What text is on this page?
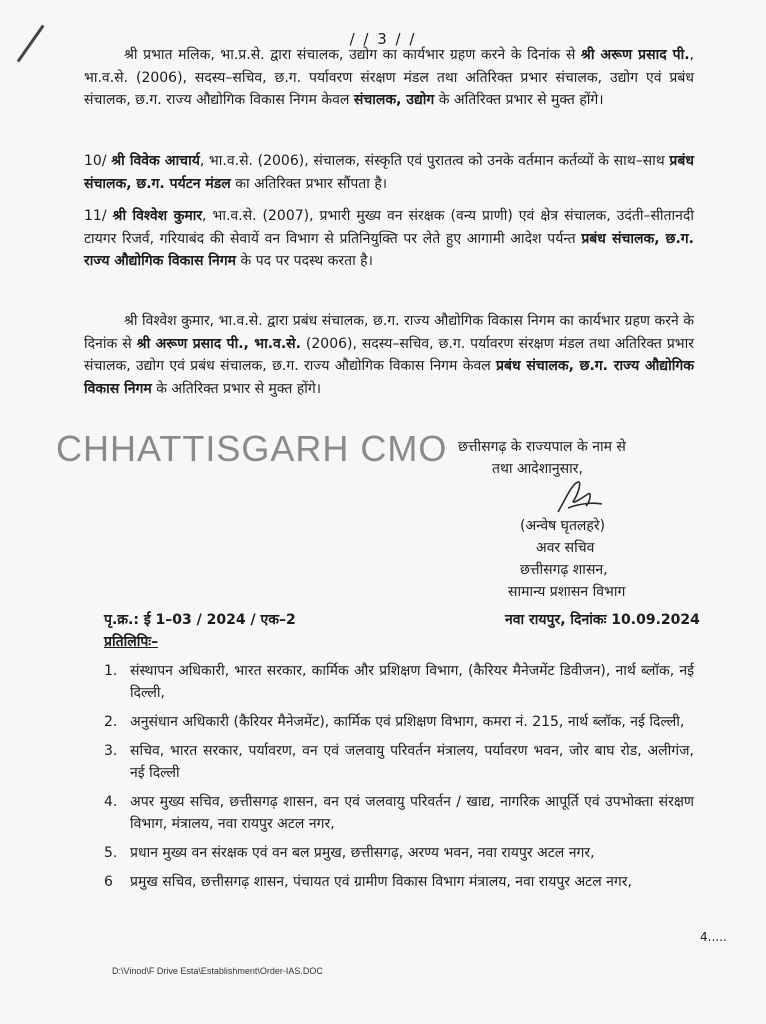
/ / 3 / /
श्री प्रभात मलिक, भा.प्र.से. द्वारा संचालक, उद्योग का कार्यभार ग्रहण करने के दिनांक से श्री अरूण प्रसाद पी., भा.व.से. (2006), सदस्य–सचिव, छ.ग. पर्यावरण संरक्षण मंडल तथा अतिरिक्त प्रभार संचालक, उद्योग एवं प्रबंध संचालक, छ.ग. राज्य औद्योगिक विकास निगम केवल संचालक, उद्योग के अतिरिक्त प्रभार से मुक्त होंगे।
10/ श्री विवेक आचार्य, भा.व.से. (2006), संचालक, संस्कृति एवं पुरातत्व को उनके वर्तमान कर्तव्यों के साथ–साथ प्रबंध संचालक, छ.ग. पर्यटन मंडल का अतिरिक्त प्रभार सौंपता है।
11/ श्री विश्वेश कुमार, भा.व.से. (2007), प्रभारी मुख्य वन संरक्षक (वन्य प्राणी) एवं क्षेत्र संचालक, उदंती–सीतानदी टायगर रिजर्व, गरियाबंद की सेवायें वन विभाग से प्रतिनियुक्ति पर लेते हुए आगामी आदेश पर्यन्त प्रबंध संचालक, छ.ग. राज्य औद्योगिक विकास निगम के पद पर पदस्थ करता है।
श्री विश्वेश कुमार, भा.व.से. द्वारा प्रबंध संचालक, छ.ग. राज्य औद्योगिक विकास निगम का कार्यभार ग्रहण करने के दिनांक से श्री अरूण प्रसाद पी., भा.व.से. (2006), सदस्य–सचिव, छ.ग. पर्यावरण संरक्षण मंडल तथा अतिरिक्त प्रभार संचालक, उद्योग एवं प्रबंध संचालक, छ.ग. राज्य औद्योगिक विकास निगम केवल प्रबंध संचालक, छ.ग. राज्य औद्योगिक विकास निगम के अतिरिक्त प्रभार से मुक्त होंगे।
CHHATTISGARH CMO छत्तीसगढ़ के राज्यपाल के नाम से
तथा आदेशानुसार,
(अन्वेष घृतलहरे)
अवर सचिव
छत्तीसगढ़ शासन,
सामान्य प्रशासन विभाग
पृ.क्र.: ई 1–03 / 2024 / एक–2	नवा रायपुर, दिनांकः 10.09.2024
प्रतिलिपिः–
1. संस्थापन अधिकारी, भारत सरकार, कार्मिक और प्रशिक्षण विभाग, (कैरियर मैनेजमेंट डिवीजन), नार्थ ब्लॉक, नई दिल्ली,
2. अनुसंधान अधिकारी (कैरियर मैनेजमेंट), कार्मिक एवं प्रशिक्षण विभाग, कमरा नं. 215, नार्थ ब्लॉक, नई दिल्ली,
3. सचिव, भारत सरकार, पर्यावरण, वन एवं जलवायु परिवर्तन मंत्रालय, पर्यावरण भवन, जोर बाघ रोड, अलीगंज, नई दिल्ली
4. अपर मुख्य सचिव, छत्तीसगढ़ शासन, वन एवं जलवायु परिवर्तन / खाद्य, नागरिक आपूर्ति एवं उपभोक्ता संरक्षण विभाग, मंत्रालय, नवा रायपुर अटल नगर,
5. प्रधान मुख्य वन संरक्षक एवं वन बल प्रमुख, छत्तीसगढ़, अरण्य भवन, नवा रायपुर अटल नगर,
6 प्रमुख सचिव, छत्तीसगढ़ शासन, पंचायत एवं ग्रामीण विकास विभाग मंत्रालय, नवा रायपुर अटल नगर,
4.....
D:\Vinod\F Drive Esta\Establishment\Order-IAS.DOC
